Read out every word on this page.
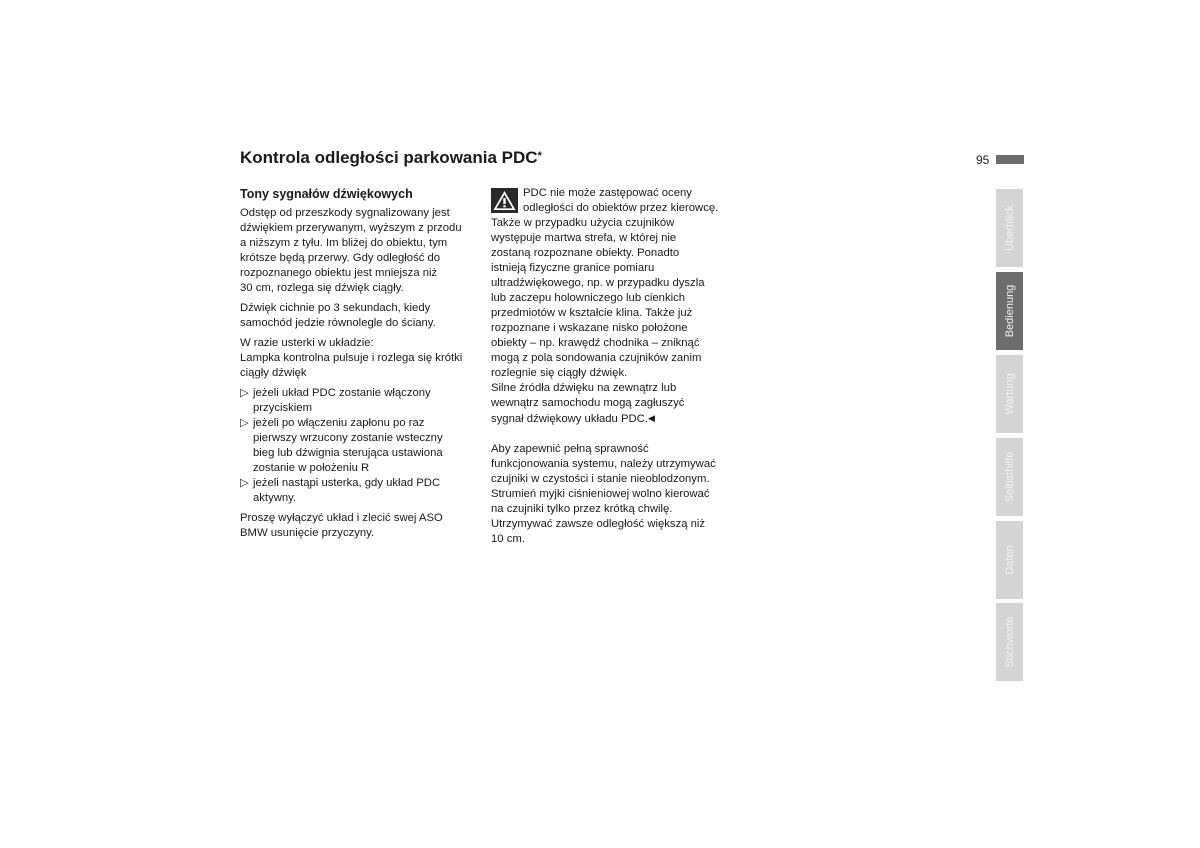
Kontrola odległości parkowania PDC*	95
Tony sygnałów dźwiękowych
Odstęp od przeszkody sygnalizowany jest
dźwiękiem przerywanym, wyższym z przodu
a niższym z tyłu. Im bliżej do obiektu, tym
krótsze będą przerwy. Gdy odległość do
rozpoznanego obiektu jest mniejsza niż
30 cm, rozlega się dźwięk ciągły.
Dźwięk cichnie po 3 sekundach, kiedy
samochód jedzie równolegle do ściany.
W razie usterki w układzie:
Lampka kontrolna pulsuje i rozlega się krótki
ciągły dźwięk
▷ jeżeli układ PDC zostanie włączony
przyciskiem
▷ jeżeli po włączeniu zapłonu po raz
pierwszy wrzucony zostanie wsteczny
bieg lub dźwignia sterująca ustawiona
zostanie w położeniu R
▷ jeżeli nastąpi usterka, gdy układ PDC
aktywny.
Proszę wyłączyć układ i zlecić swej ASO
BMW usunięcie przyczyny.
PDC nie może zastępować oceny
odległości do obiektów przez kierowcę.
Także w przypadku użycia czujników
występuje martwa strefa, w której nie
zostaną rozpoznane obiekty. Ponadto
istnieją fizyczne granice pomiaru
ultradźwiękowego, np. w przypadku dyszla
lub zaczepu holowniczego lub cienkich
przedmiotów w kształcie klina. Także już
rozpoznane i wskazane nisko położone
obiekty – np. krawędź chodnika – zniknąć
mogą z pola sondowania czujników zanim
rozlegnie się ciągły dźwięk.
Silne źródła dźwięku na zewnątrz lub
wewnątrz samochodu mogą zagłuszyć
sygnał dźwiękowy układu PDC.◀
Aby zapewnić pełną sprawność
funkcjonowania systemu, należy utrzymywać
czujniki w czystości i stanie nieoblodzonym.
Strumień myjki ciśnieniowej wolno kierować
na czujniki tylko przez krótką chwilę.
Utrzymywać zawsze odległość większą niż
10 cm.
Überblick
Bedienung
Wartung
Selbsthilfe
Daten
Stichworte
